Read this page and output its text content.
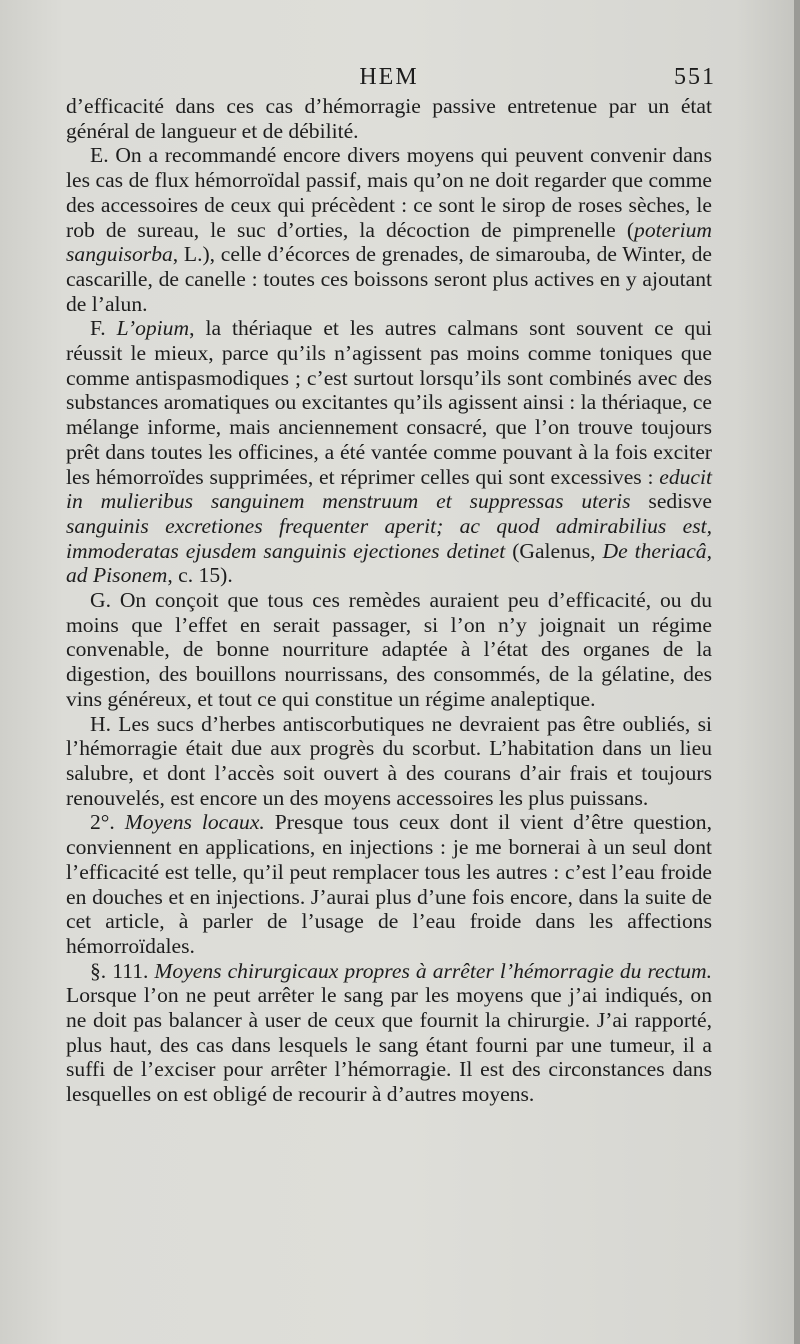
HEM	551

d’efficacité dans ces cas d’hémorragie passive entretenue par un état général de langueur et de débilité.

E. On a recommandé encore divers moyens qui peuvent convenir dans les cas de flux hémorroïdal passif, mais qu’on ne doit regarder que comme des accessoires de ceux qui précèdent : ce sont le sirop de roses sèches, le rob de sureau, le suc d’orties, la décoction de pimprenelle (poterium sanguisorba, L.), celle d’écorces de grenades, de simarouba, de Winter, de cascarille, de canelle : toutes ces boissons seront plus actives en y ajoutant de l’alun.

F. L’opium, la thériaque et les autres calmans sont souvent ce qui réussit le mieux, parce qu’ils n’agissent pas moins comme toniques que comme antispasmodiques ; c’est surtout lorsqu’ils sont combinés avec des substances aromatiques ou excitantes qu’ils agissent ainsi : la thériaque, ce mélange informe, mais anciennement consacré, que l’on trouve toujours prêt dans toutes les officines, a été vantée comme pouvant à la fois exciter les hémorroïdes supprimées, et réprimer celles qui sont excessives : educit in mulieribus sanguinem menstruum et suppressas uteris sedisve sanguinis excretiones frequenter aperit; ac quod admirabilius est, immoderatas ejusdem sanguinis ejectiones detinet (Galenus, De theriacâ, ad Pisonem, c. 15).

G. On conçoit que tous ces remèdes auraient peu d’efficacité, ou du moins que l’effet en serait passager, si l’on n’y joignait un régime convenable, de bonne nourriture adaptée à l’état des organes de la digestion, des bouillons nourrissans, des consommés, de la gélatine, des vins généreux, et tout ce qui constitue un régime analeptique.

H. Les sucs d’herbes antiscorbutiques ne devraient pas être oubliés, si l’hémorragie était due aux progrès du scorbut. L’habitation dans un lieu salubre, et dont l’accès soit ouvert à des courans d’air frais et toujours renouvelés, est encore un des moyens accessoires les plus puissans.

2°. Moyens locaux. Presque tous ceux dont il vient d’être question, conviennent en applications, en injections : je me bornerai à un seul dont l’efficacité est telle, qu’il peut remplacer tous les autres : c’est l’eau froide en douches et en injections. J’aurai plus d’une fois encore, dans la suite de cet article, à parler de l’usage de l’eau froide dans les affections hémorroïdales.

§. 111. Moyens chirurgicaux propres à arrêter l’hémorragie du rectum. Lorsque l’on ne peut arrêter le sang par les moyens que j’ai indiqués, on ne doit pas balancer à user de ceux que fournit la chirurgie. J’ai rapporté, plus haut, des cas dans lesquels le sang étant fourni par une tumeur, il a suffi de l’exciser pour arrêter l’hémorragie. Il est des circonstances dans lesquelles on est obligé de recourir à d’autres moyens.
